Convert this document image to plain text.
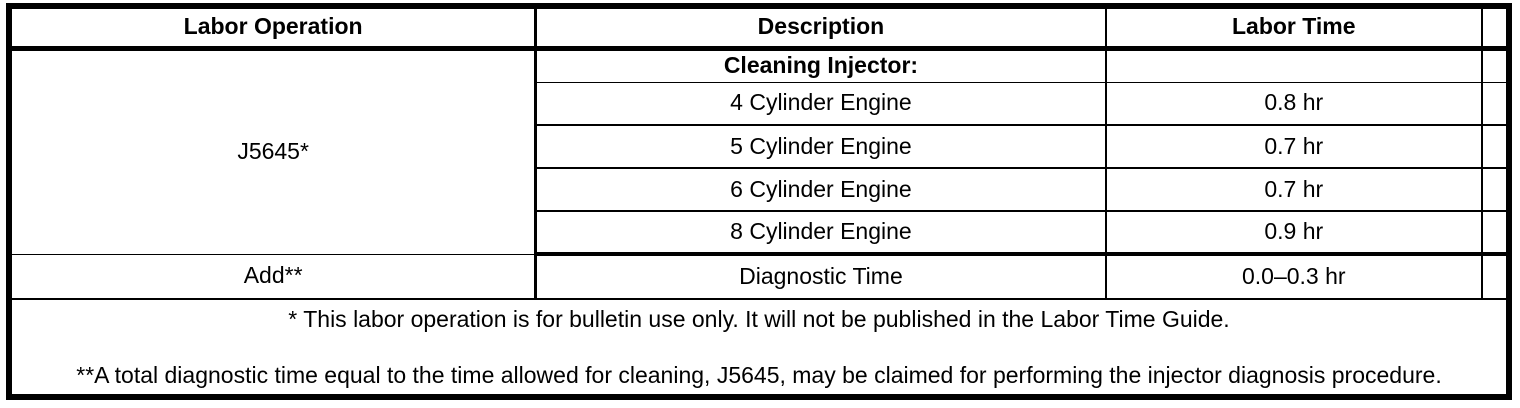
Labor Operation	Description	Labor Time	
J5645*	Cleaning Injector:		
	4 Cylinder Engine	0.8 hr	
	5 Cylinder Engine	0.7 hr	
	6 Cylinder Engine	0.7 hr	
	8 Cylinder Engine	0.9 hr	
Add**	Diagnostic Time	0.0–0.3 hr	

* This labor operation is for bulletin use only. It will not be published in the Labor Time Guide.

**A total diagnostic time equal to the time allowed for cleaning, J5645, may be claimed for performing the injector diagnosis procedure.			
